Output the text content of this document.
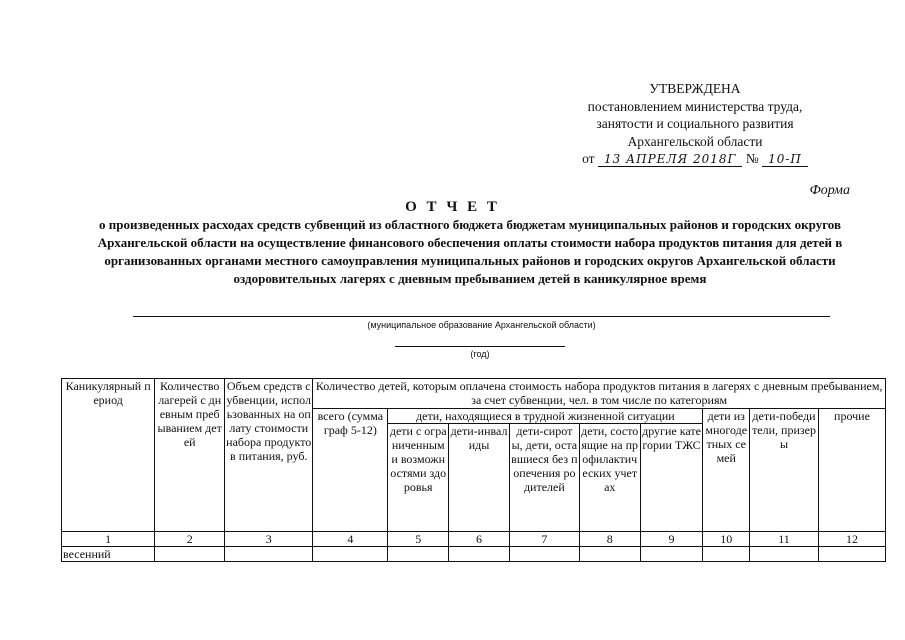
УТВЕРЖДЕНА
постановлением министерства труда,
занятости и социального развития
Архангельской области
от 13 АПРЕЛЯ 2018Г № 10-П
Форма
О Т Ч Е Т
о произведенных расходах средств субвенций из областного бюджета бюджетам муниципальных районов и городских округов Архангельской области на осуществление финансового обеспечения оплаты стоимости набора продуктов питания для детей в организованных органами местного самоуправления муниципальных районов и городских округов Архангельской области оздоровительных лагерях с дневным пребыванием детей в каникулярное время
(муниципальное образование Архангельской области)
(год)
Каникулярный период	Количество лагерей с дневным пребыванием детей	Объем средств субвенции, использованных на оплату стоимости набора продуктов питания, руб.	Количество детей, которым оплачена стоимость набора продуктов питания в лагерях с дневным пребыванием, за счет субвенции, чел. в том числе по категориям								
			всего (сумма граф 5-12)	дети, находящиеся в трудной жизненной ситуации					дети из многодетных семей	дети-победители, призеры	прочие
				дети с ограниченными возможностями здоровья	дети-инвалиды	дети-сироты, дети, оставшиеся без попечения родителей	дети, состоящие на профилактических учетах	другие категории ТЖС			
1	2	3	4	5	6	7	8	9	10	11	12
весенний											
